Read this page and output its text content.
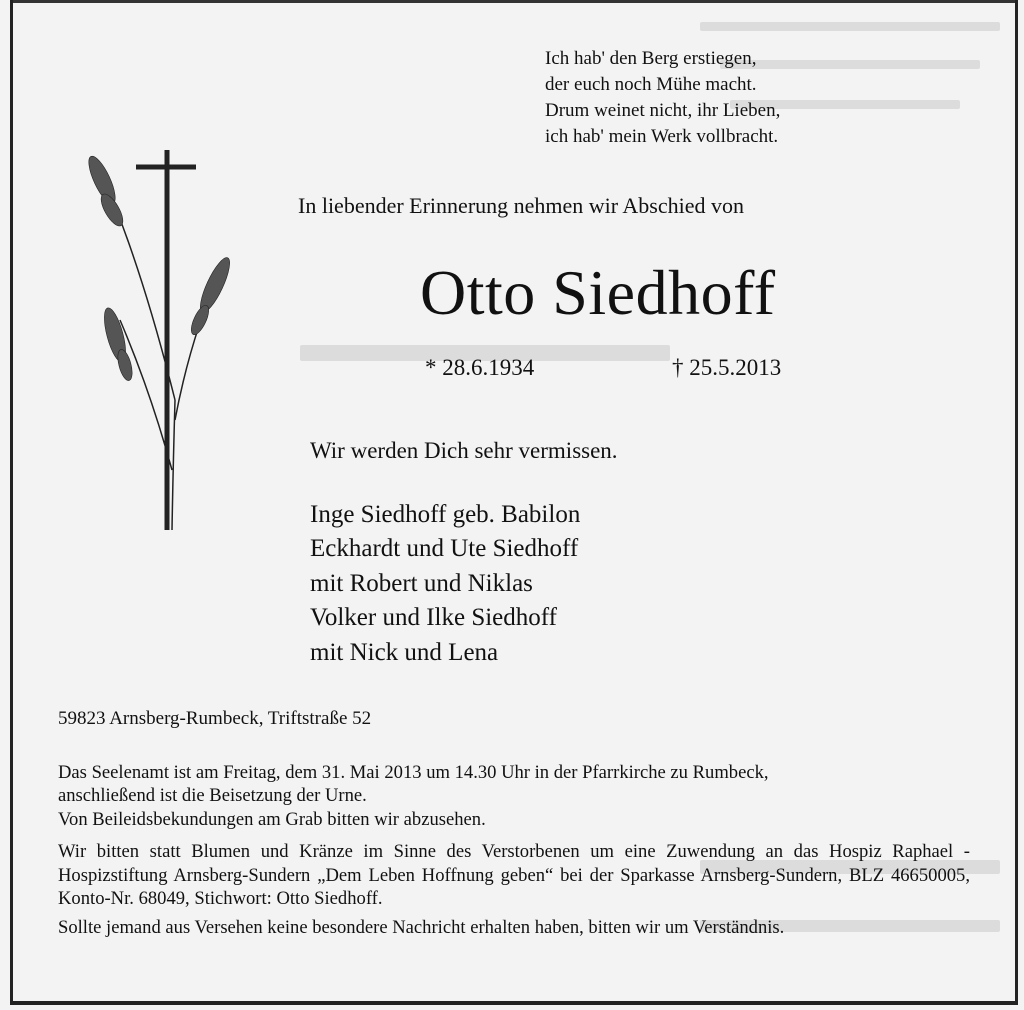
Ich hab' den Berg erstiegen,
der euch noch Mühe macht.
Drum weinet nicht, ihr Lieben,
ich hab' mein Werk vollbracht.
In liebender Erinnerung nehmen wir Abschied von
Otto Siedhoff
* 28.6.1934	† 25.5.2013
Wir werden Dich sehr vermissen.
Inge Siedhoff geb. Babilon
Eckhardt und Ute Siedhoff
mit Robert und Niklas
Volker und Ilke Siedhoff
mit Nick und Lena
59823 Arnsberg-Rumbeck, Triftstraße 52

Das Seelenamt ist am Freitag, dem 31. Mai 2013 um 14.30 Uhr in der Pfarrkirche zu Rumbeck,

anschließend ist die Beisetzung der Urne.

Von Beileidsbekundungen am Grab bitten wir abzusehen.

Wir bitten statt Blumen und Kränze im Sinne des Verstorbenen um eine Zuwendung an das Hospiz Raphael - Hospizstiftung Arnsberg-Sundern „Dem Leben Hoffnung geben“ bei der Sparkasse Arnsberg-Sundern, BLZ 46650005, Konto-Nr. 68049, Stichwort: Otto Siedhoff.

Sollte jemand aus Versehen keine besondere Nachricht erhalten haben, bitten wir um Verständnis.
